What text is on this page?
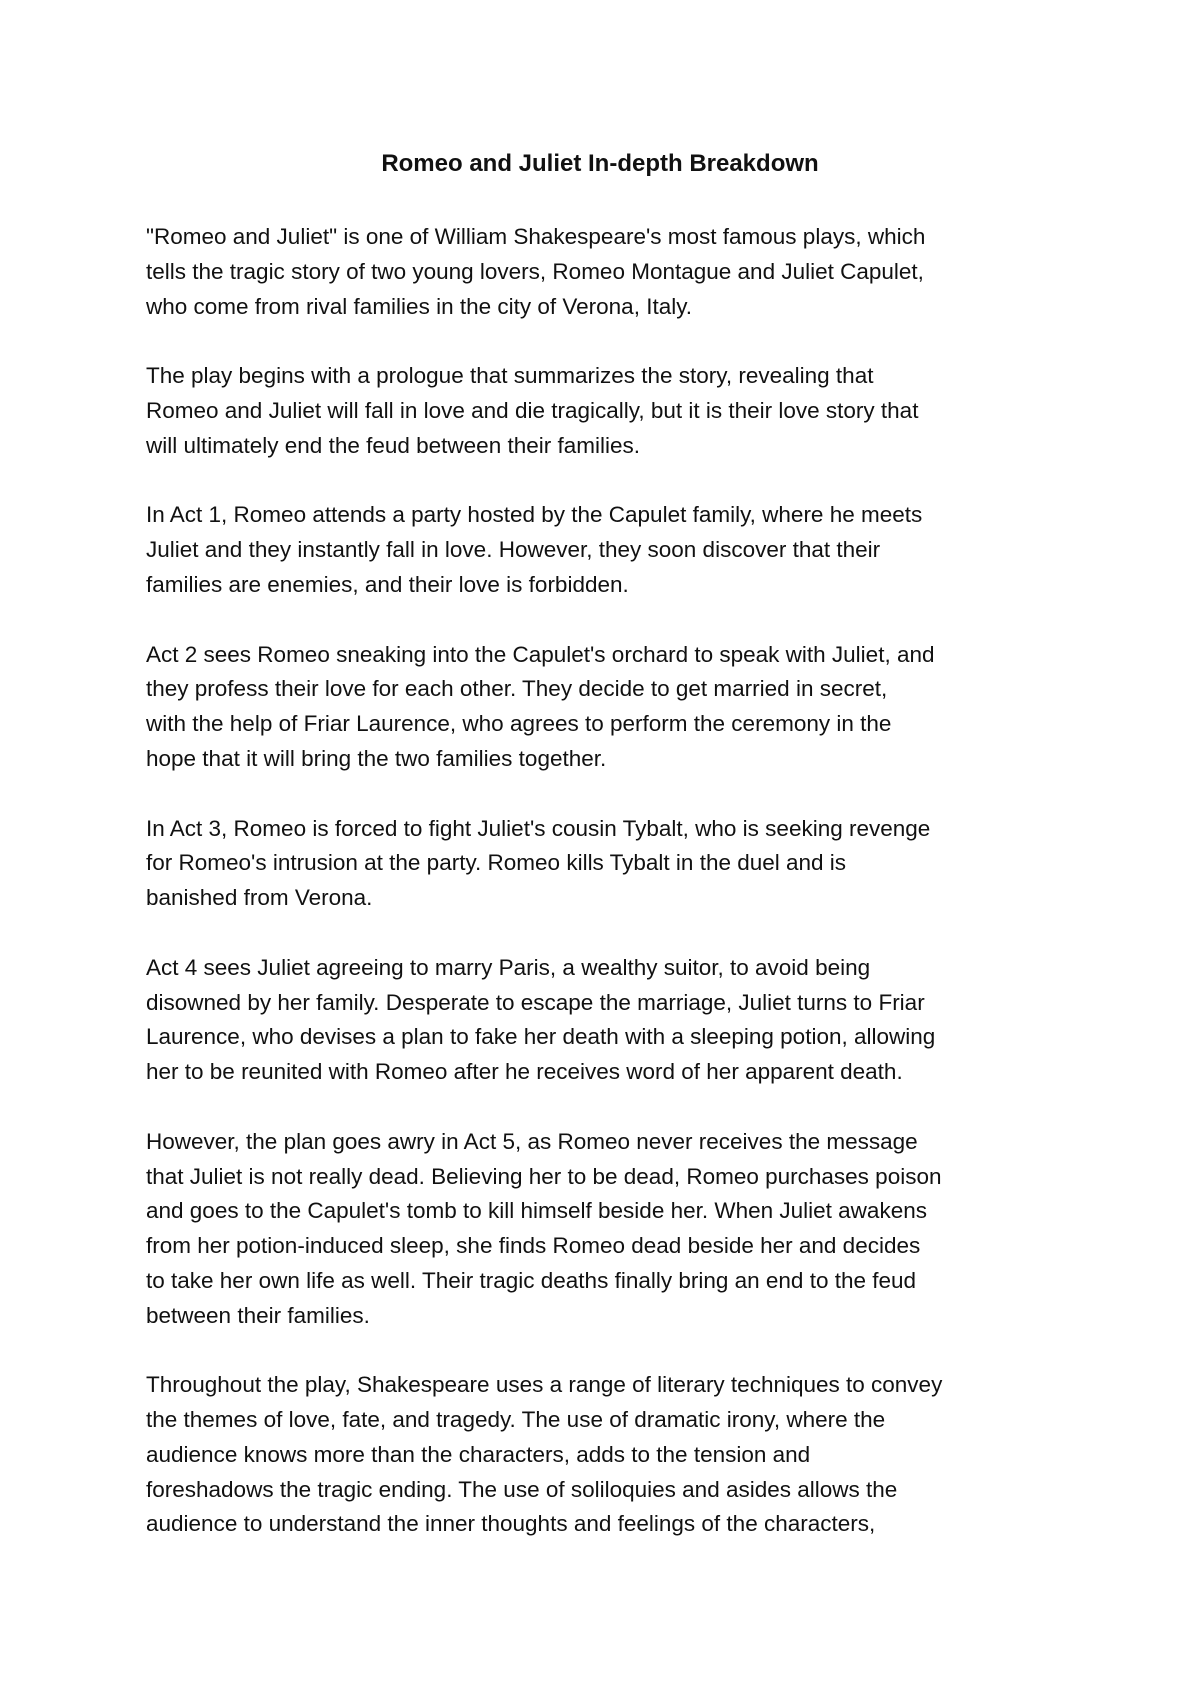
Romeo and Juliet In-depth Breakdown

"Romeo and Juliet" is one of William Shakespeare's most famous plays, which
tells the tragic story of two young lovers, Romeo Montague and Juliet Capulet,
who come from rival families in the city of Verona, Italy.

The play begins with a prologue that summarizes the story, revealing that
Romeo and Juliet will fall in love and die tragically, but it is their love story that
will ultimately end the feud between their families.

In Act 1, Romeo attends a party hosted by the Capulet family, where he meets
Juliet and they instantly fall in love. However, they soon discover that their
families are enemies, and their love is forbidden.

Act 2 sees Romeo sneaking into the Capulet's orchard to speak with Juliet, and
they profess their love for each other. They decide to get married in secret,
with the help of Friar Laurence, who agrees to perform the ceremony in the
hope that it will bring the two families together.

In Act 3, Romeo is forced to fight Juliet's cousin Tybalt, who is seeking revenge
for Romeo's intrusion at the party. Romeo kills Tybalt in the duel and is
banished from Verona.

Act 4 sees Juliet agreeing to marry Paris, a wealthy suitor, to avoid being
disowned by her family. Desperate to escape the marriage, Juliet turns to Friar
Laurence, who devises a plan to fake her death with a sleeping potion, allowing
her to be reunited with Romeo after he receives word of her apparent death.

However, the plan goes awry in Act 5, as Romeo never receives the message
that Juliet is not really dead. Believing her to be dead, Romeo purchases poison
and goes to the Capulet's tomb to kill himself beside her. When Juliet awakens
from her potion-induced sleep, she finds Romeo dead beside her and decides
to take her own life as well. Their tragic deaths finally bring an end to the feud
between their families.

Throughout the play, Shakespeare uses a range of literary techniques to convey
the themes of love, fate, and tragedy. The use of dramatic irony, where the
audience knows more than the characters, adds to the tension and
foreshadows the tragic ending. The use of soliloquies and asides allows the
audience to understand the inner thoughts and feelings of the characters,
